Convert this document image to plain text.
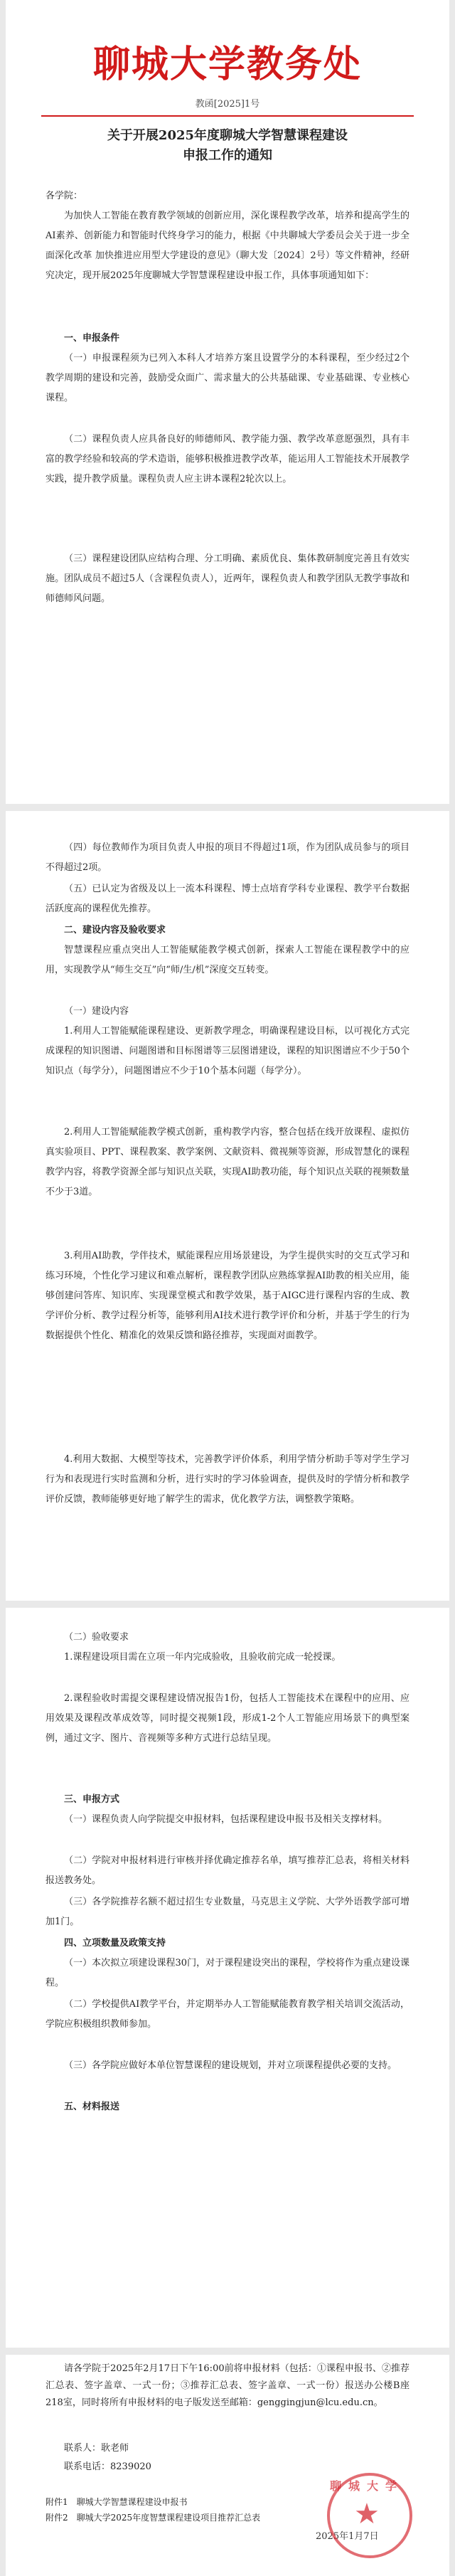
聊城大学教务处
教函[2025]1号
关于开展2025年度聊城大学智慧课程建设
申报工作的通知
各学院：
为加快人工智能在教育教学领域的创新应用，深化课程教学改革，培养和提高学生的AI素养、创新能力和智能时代终身学习的能力，根据《中共聊城大学委员会关于进一步全面深化改革 加快推进应用型大学建设的意见》（聊大发〔2024〕2号）等文件精神，经研究决定，现开展2025年度聊城大学智慧课程建设申报工作，具体事项通知如下：
一、申报条件
（一）申报课程须为已列入本科人才培养方案且设置学分的本科课程，至少经过2个教学周期的建设和完善，鼓励受众面广、需求量大的公共基础课、专业基础课、专业核心课程。
（二）课程负责人应具备良好的师德师风、教学能力强、教学改革意愿强烈，具有丰富的教学经验和较高的学术造诣，能够积极推进教学改革，能运用人工智能技术开展教学实践，提升教学质量。课程负责人应主讲本课程2轮次以上。
（三）课程建设团队应结构合理、分工明确、素质优良、集体教研制度完善且有效实施。团队成员不超过5人（含课程负责人），近两年，课程负责人和教学团队无教学事故和师德师风问题。
（四）每位教师作为项目负责人申报的项目不得超过1项，作为团队成员参与的项目不得超过2项。
（五）已认定为省级及以上一流本科课程、博士点培育学科专业课程、教学平台数据活跃度高的课程优先推荐。
二、建设内容及验收要求
智慧课程应重点突出人工智能赋能教学模式创新，探索人工智能在课程教学中的应用，实现教学从“师生交互”向“师/生/机”深度交互转变。
（一）建设内容
1.利用人工智能赋能课程建设、更新教学理念，明确课程建设目标，以可视化方式完成课程的知识图谱、问题图谱和目标图谱等三层图谱建设，课程的知识图谱应不少于50个知识点（每学分），问题图谱应不少于10个基本问题（每学分）。
2.利用人工智能赋能教学模式创新，重构教学内容，整合包括在线开放课程、虚拟仿真实验项目、PPT、课程教案、教学案例、文献资料、微视频等资源，形成智慧化的课程教学内容，将教学资源全部与知识点关联，实现AI助教功能，每个知识点关联的视频数量不少于3道。
3.利用AI助教，学伴技术，赋能课程应用场景建设，为学生提供实时的交互式学习和练习环境，个性化学习建议和难点解析，课程教学团队应熟练掌握AI助教的相关应用，能够创建问答库、知识库、实现课堂模式和教学效果，基于AIGC进行课程内容的生成、教学评价分析、教学过程分析等，能够利用AI技术进行教学评价和分析，并基于学生的行为数据提供个性化、精准化的效果反馈和路径推荐，实现面对面教学。
4.利用大数据、大模型等技术，完善教学评价体系，利用学情分析助手等对学生学习行为和表现进行实时监测和分析，进行实时的学习体验调查，提供及时的学情分析和教学评价反馈，教师能够更好地了解学生的需求，优化教学方法，调整教学策略。
（二）验收要求
1.课程建设项目需在立项一年内完成验收，且验收前完成一轮授课。
2.课程验收时需提交课程建设情况报告1份，包括人工智能技术在课程中的应用、应用效果及课程改革成效等，同时提交视频1段，形成1-2个人工智能应用场景下的典型案例，通过文字、图片、音视频等多种方式进行总结呈现。
三、申报方式
（一）课程负责人向学院提交申报材料，包括课程建设申报书及相关支撑材料。
（二）学院对申报材料进行审核并择优确定推荐名单，填写推荐汇总表，将相关材料报送教务处。
（三）各学院推荐名额不超过招生专业数量，马克思主义学院、大学外语教学部可增加1门。
四、立项数量及政策支持
（一）本次拟立项建设课程30门，对于课程建设突出的课程，学校将作为重点建设课程。
（二）学校提供AI教学平台，并定期举办人工智能赋能教育教学相关培训交流活动，学院应积极组织教师参加。
（三）各学院应做好本单位智慧课程的建设规划，并对立项课程提供必要的支持。
五、材料报送
请各学院于2025年2月17日下午16:00前将申报材料（包括：①课程申报书、②推荐汇总表、签字盖章、一式一份；③推荐汇总表、签字盖章、一式一份）报送办公楼B座218室，同时将所有申报材料的电子版发送至邮箱：genggingjun@lcu.edu.cn。
联系人：耿老师
联系电话：8239020
附件1　聊城大学智慧课程建设申报书
附件2　聊城大学2025年度智慧课程建设项目推荐汇总表
2025年1月7日
★
聊城大学
